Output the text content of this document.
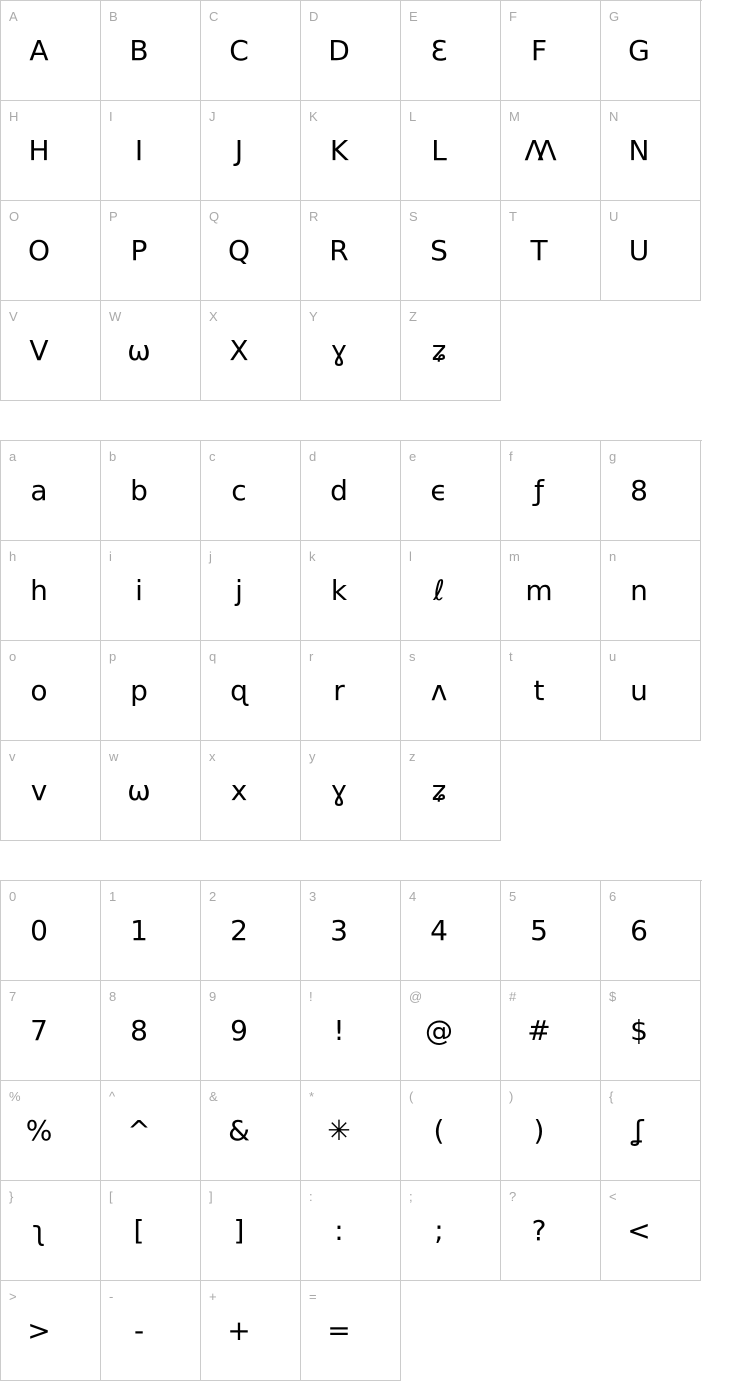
A
A
B
B
C
C
D
D
E
Ɛ
F
F
G
G
H
H
I
I
J
J
K
K
L
L
M
ΛΛ
N
N
O
O
P
P
Q
Q
R
R
S
S
T
T
U
U
V
V
W
ω
X
X
Y
ɣ
Z
ʑ
a
a
b
b
c
c
d
d
e
ϵ
f
ƒ
g
8
h
h
i
i
j
j
k
k
l
ℓ
m
m
n
n
o
o
p
p
q
ɋ
r
r
s
ʌ
t
t
u
u
v
v
w
ω
x
x
y
ɣ
z
ʑ
0
0
1
1
2
2
3
3
4
4
5
5
6
6
7
7
8
8
9
9
!
!
@
@
#
#
$
$
%
%
^
^
&
&
*
✳
(
(
)
)
{
ʆ
}
ʅ
[
[
]
]
:
:
;
;
?
?
<
<
>
>
-
-
+
+
=
=
